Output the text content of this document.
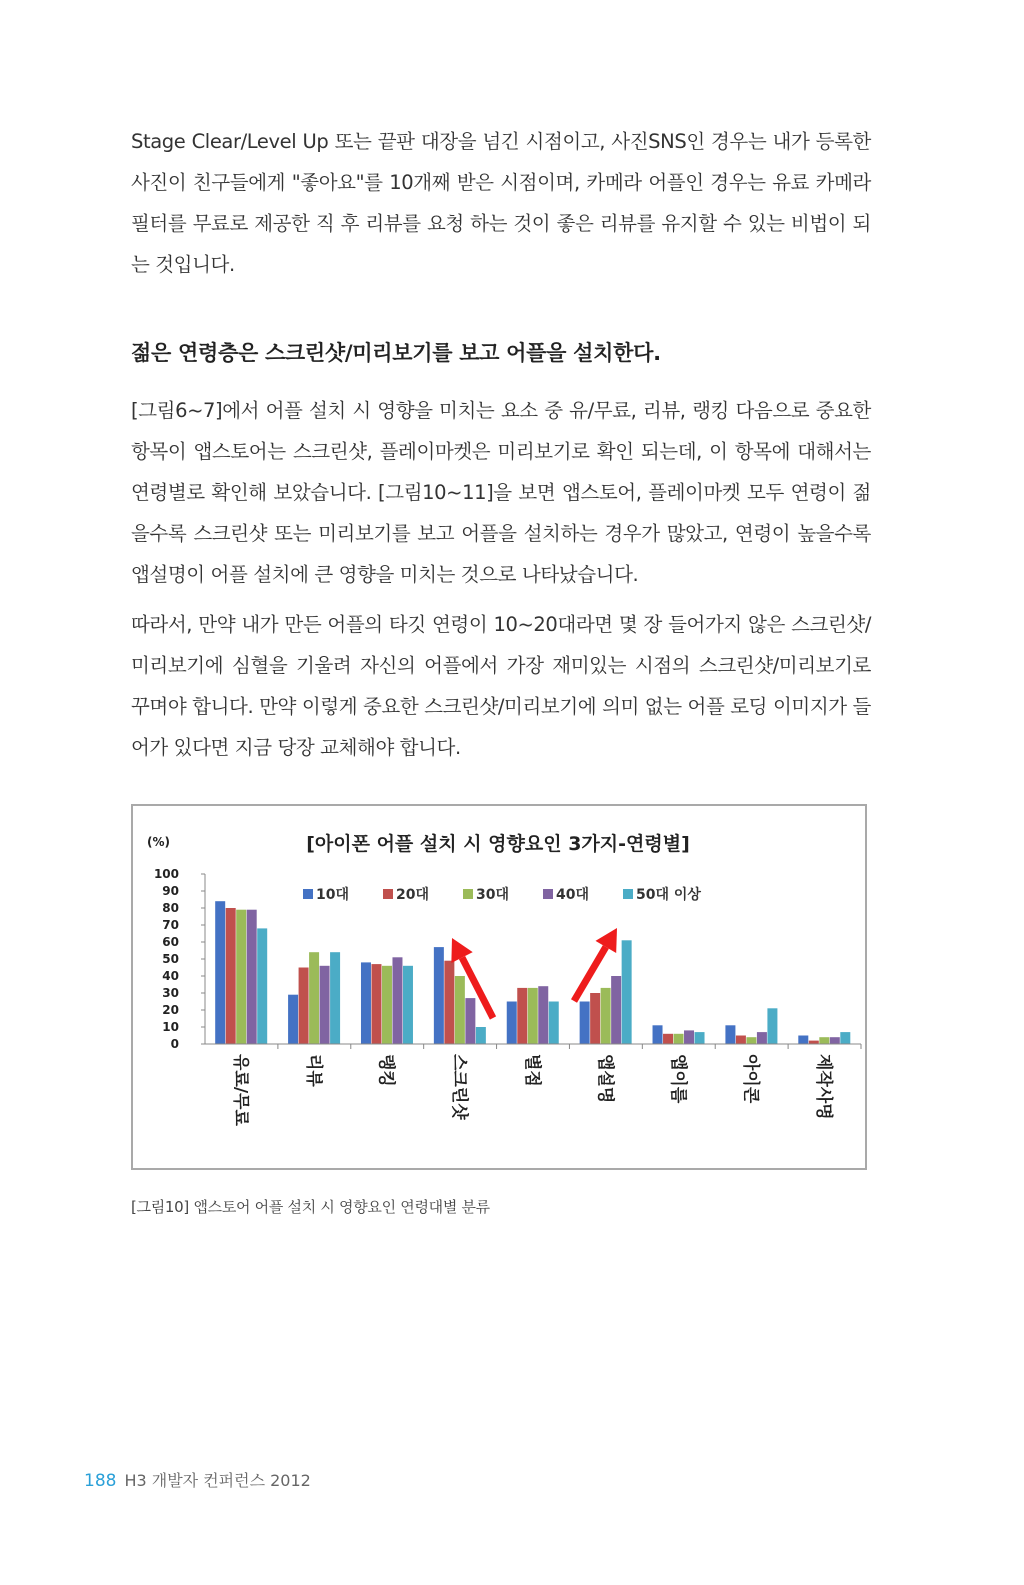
Stage Clear/Level Up 또는 끝판 대장을 넘긴 시점이고, 사진SNS인 경우는 내가 등록한 사진이 친구들에게 "좋아요"를 10개째 받은 시점이며, 카메라 어플인 경우는 유료 카메라 필터를 무료로 제공한 직 후 리뷰를 요청 하는 것이 좋은 리뷰를 유지할 수 있는 비법이 되는 것입니다.

젊은 연령층은 스크린샷/미리보기를 보고 어플을 설치한다.

[그림6~7]에서 어플 설치 시 영향을 미치는 요소 중 유/무료, 리뷰, 랭킹 다음으로 중요한 항목이 앱스토어는 스크린샷, 플레이마켓은 미리보기로 확인 되는데, 이 항목에 대해서는 연령별로 확인해 보았습니다. [그림10~11]을 보면 앱스토어, 플레이마켓 모두 연령이 젊을수록 스크린샷 또는 미리보기를 보고 어플을 설치하는 경우가 많았고, 연령이 높을수록 앱설명이 어플 설치에 큰 영향을 미치는 것으로 나타났습니다.

따라서, 만약 내가 만든 어플의 타깃 연령이 10~20대라면 몇 장 들어가지 않은 스크린샷/미리보기에 심혈을 기울려 자신의 어플에서 가장 재미있는 시점의 스크린샷/미리보기로 꾸며야 합니다. 만약 이렇게 중요한 스크린샷/미리보기에 의미 없는 어플 로딩 이미지가 들어가 있다면 지금 당장 교체해야 합니다.

[아이폰 어플 설치 시 영향요인 3가지-연령별]
(%)
0
10
20
30
40
50
60
70
80
90
100
10대	20대	30대	40대	50대 이상
유료/무료	리뷰	랭킹	스크린샷	별점	앱설명	앱이름	아이콘	제작사명

[그림10] 앱스토어 어플 설치 시 영향요인 연령대별 분류

188 H3 개발자 컨퍼런스 2012
